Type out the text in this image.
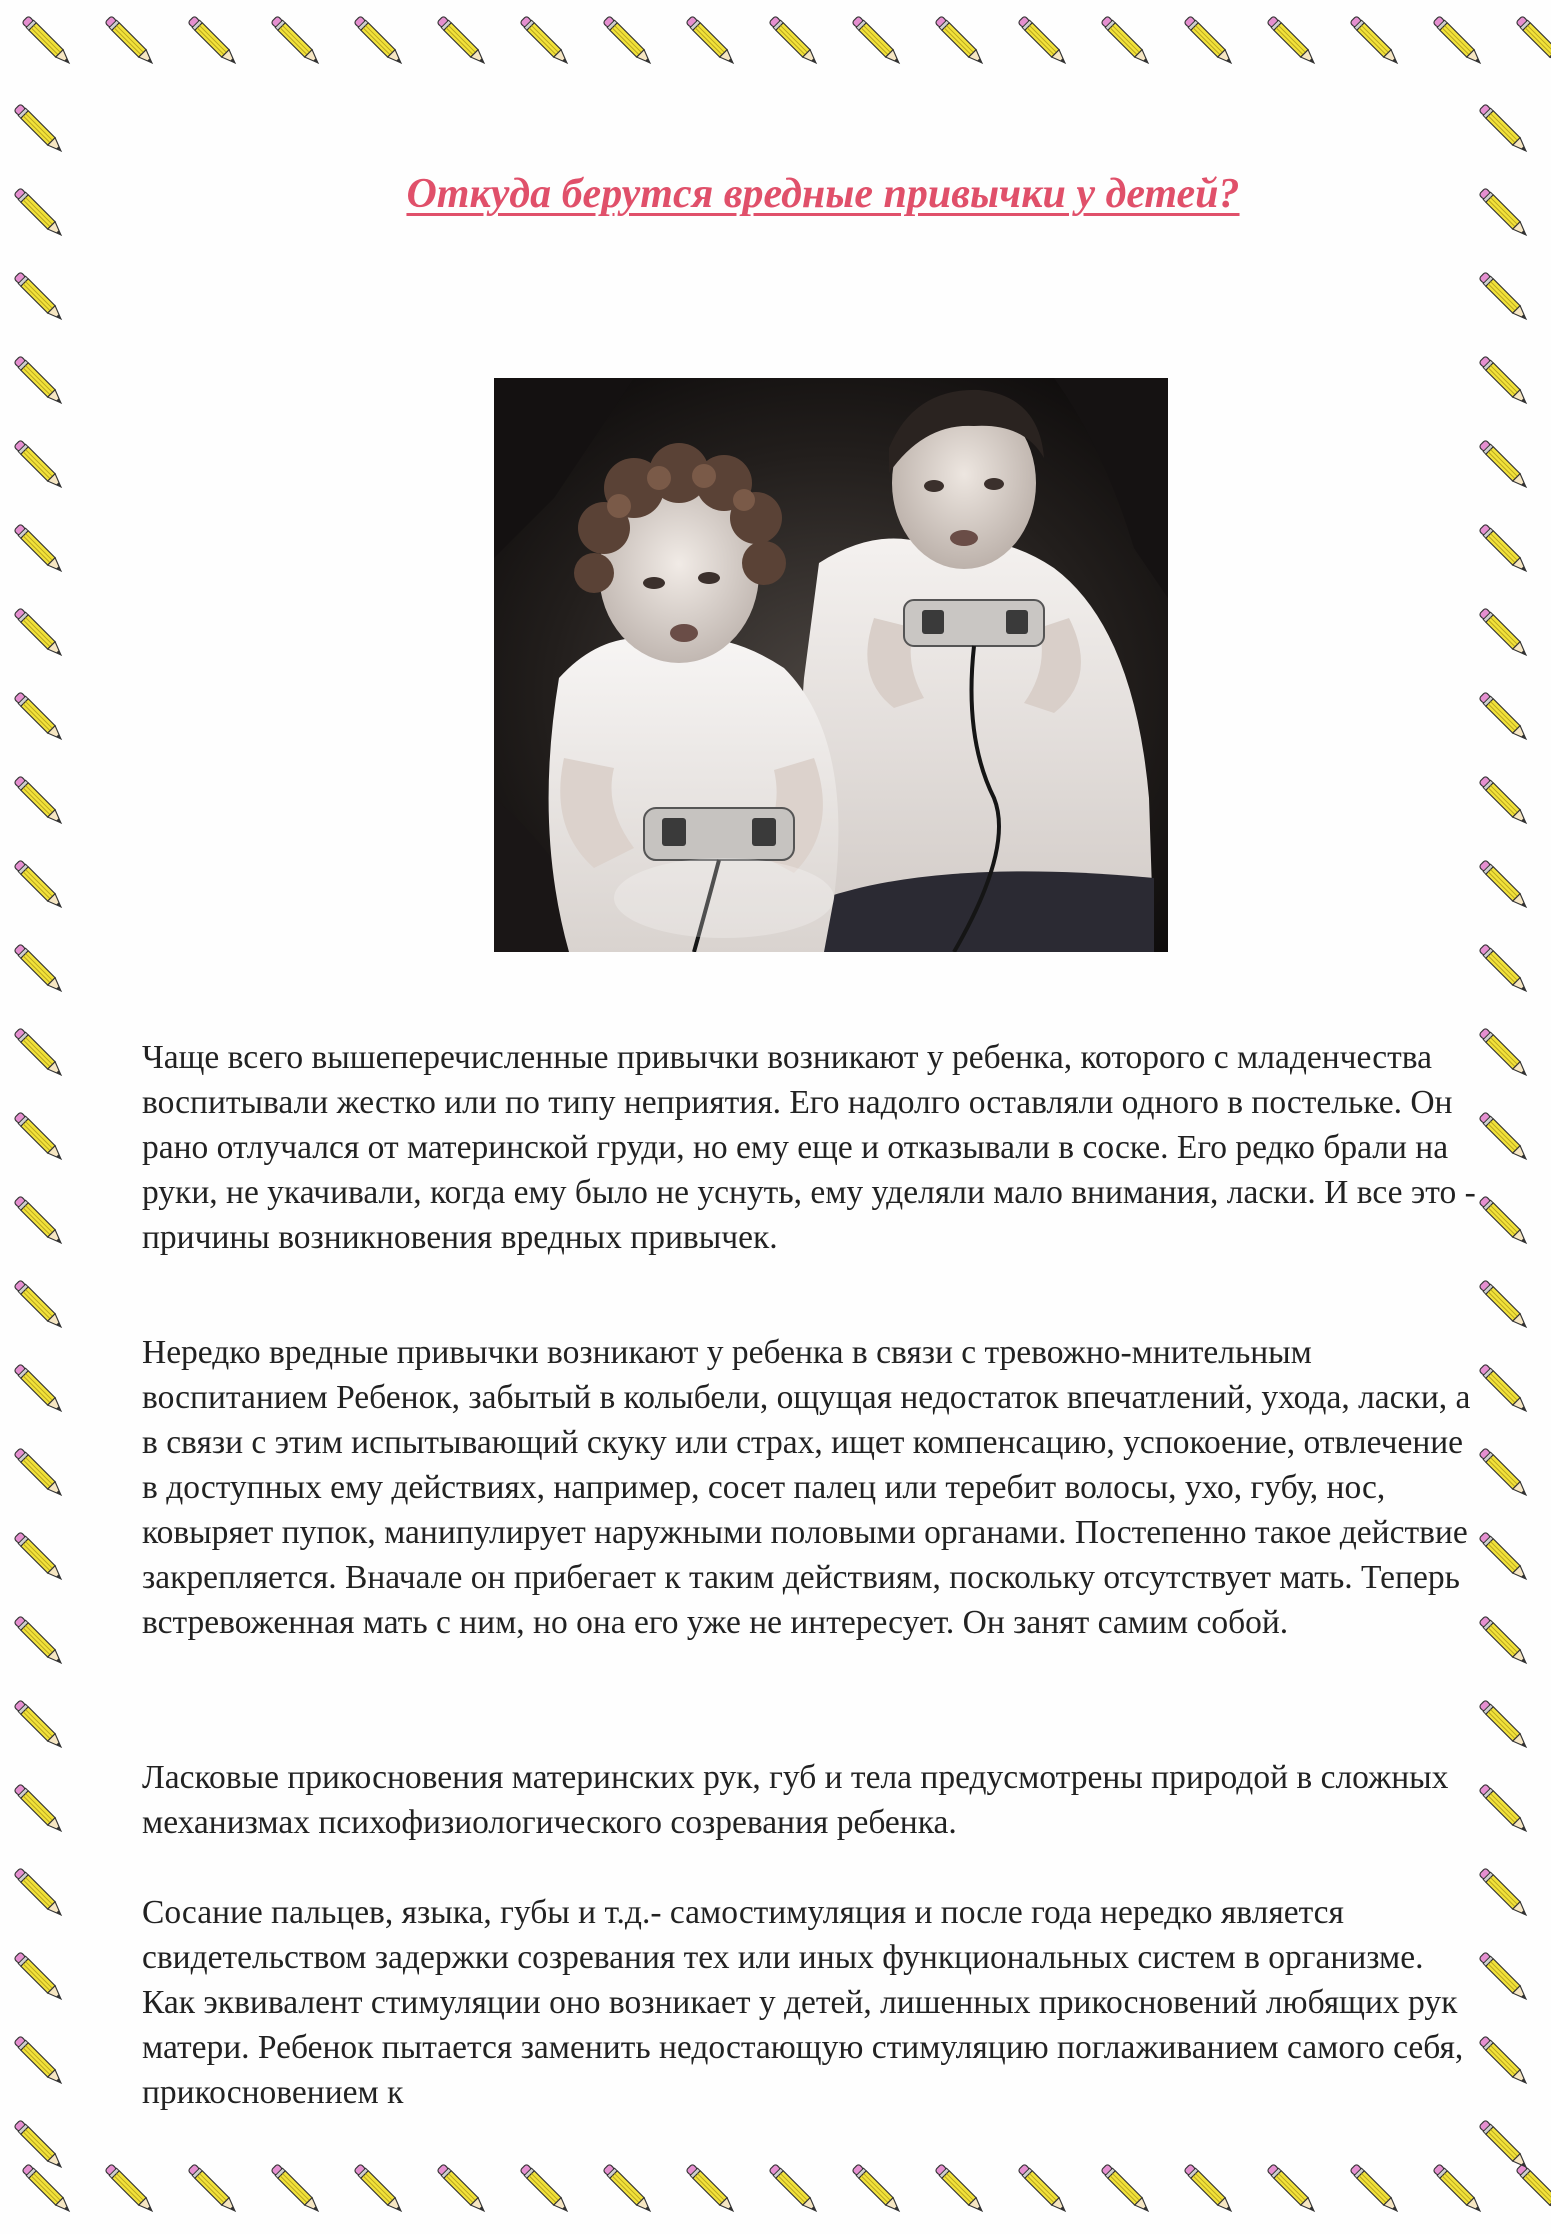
Откуда берутся вредные привычки у детей?

Чаще всего вышеперечисленные привычки возникают у ребенка, которого с младенчества воспитывали жестко или по типу неприятия. Его надолго оставляли одного в постельке. Он рано отлучался от материнской груди, но ему еще и отказывали в соске. Его редко брали на руки, не укачивали, когда ему было не уснуть, ему уделяли мало внимания, ласки. И все это - причины возникновения вредных привычек.

Нередко вредные привычки возникают у ребенка в связи с тревожно-мнительным воспитанием Ребенок, забытый в колыбели, ощущая недостаток впечатлений, ухода, ласки, а в связи с этим испытывающий скуку или страх, ищет компенсацию, успокоение, отвлечение в доступных ему действиях, например, сосет палец или теребит волосы, ухо, губу, нос, ковыряет пупок, манипулирует наружными половыми органами. Постепенно такое действие закрепляется. Вначале он прибегает к таким действиям, поскольку отсутствует мать. Теперь встревоженная мать с ним, но она его уже не интересует. Он занят самим собой.

Ласковые прикосновения материнских рук, губ и тела предусмотрены природой в сложных механизмах психофизиологического созревания ребенка.

Сосание пальцев, языка, губы и т.д.- самостимуляция и после года нередко является свидетельством задержки созревания тех или иных функциональных систем в организме. Как эквивалент стимуляции оно возникает у детей, лишенных прикосновений любящих рук матери. Ребенок пытается заменить недостающую стимуляцию поглаживанием самого себя, прикосновением к
